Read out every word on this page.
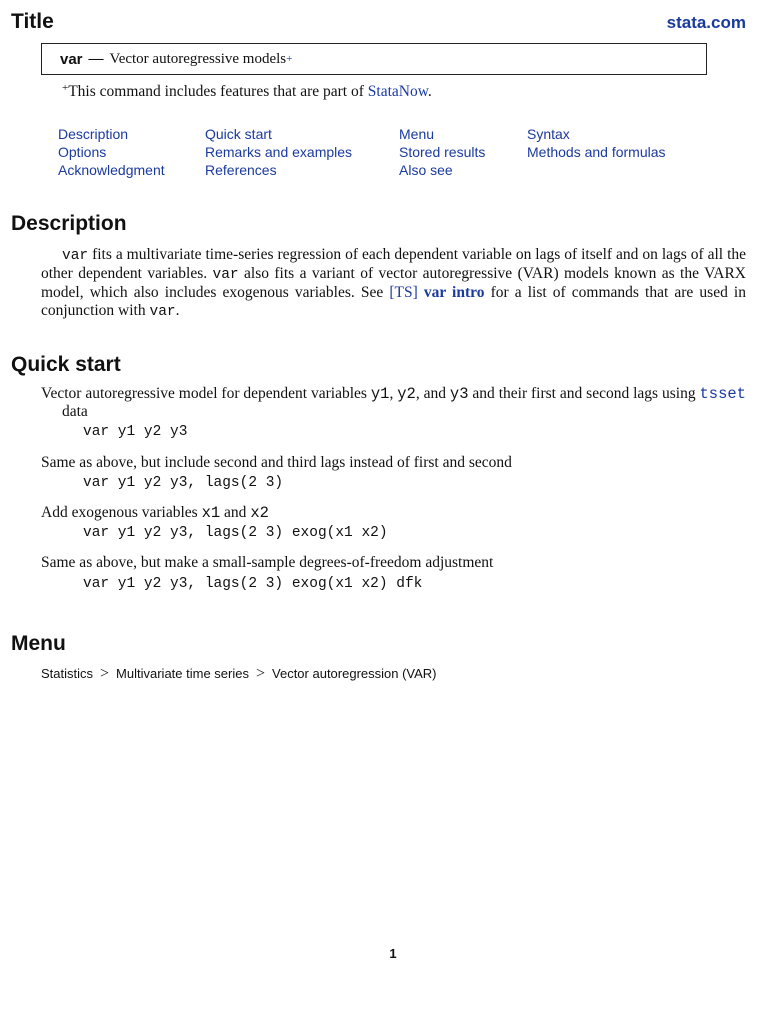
Title	stata.com
var — Vector autoregressive models +
+This command includes features that are part of StataNow.
Description
Options
Acknowledgment
Quick start
Remarks and examples
References
Menu
Stored results
Also see
Syntax
Methods and formulas
Description
var fits a multivariate time-series regression of each dependent variable on lags of itself and on lags of all the other dependent variables. var also fits a variant of vector autoregressive (VAR) models known as the VARX model, which also includes exogenous variables. See [TS] var intro for a list of commands that are used in conjunction with var.
Quick start
Vector autoregressive model for dependent variables y1, y2, and y3 and their first and second lags using tsset data
var y1 y2 y3
Same as above, but include second and third lags instead of first and second
var y1 y2 y3, lags(2 3)
Add exogenous variables x1 and x2
var y1 y2 y3, lags(2 3) exog(x1 x2)
Same as above, but make a small-sample degrees-of-freedom adjustment
var y1 y2 y3, lags(2 3) exog(x1 x2) dfk
Menu
Statistics > Multivariate time series > Vector autoregression (VAR)
1
